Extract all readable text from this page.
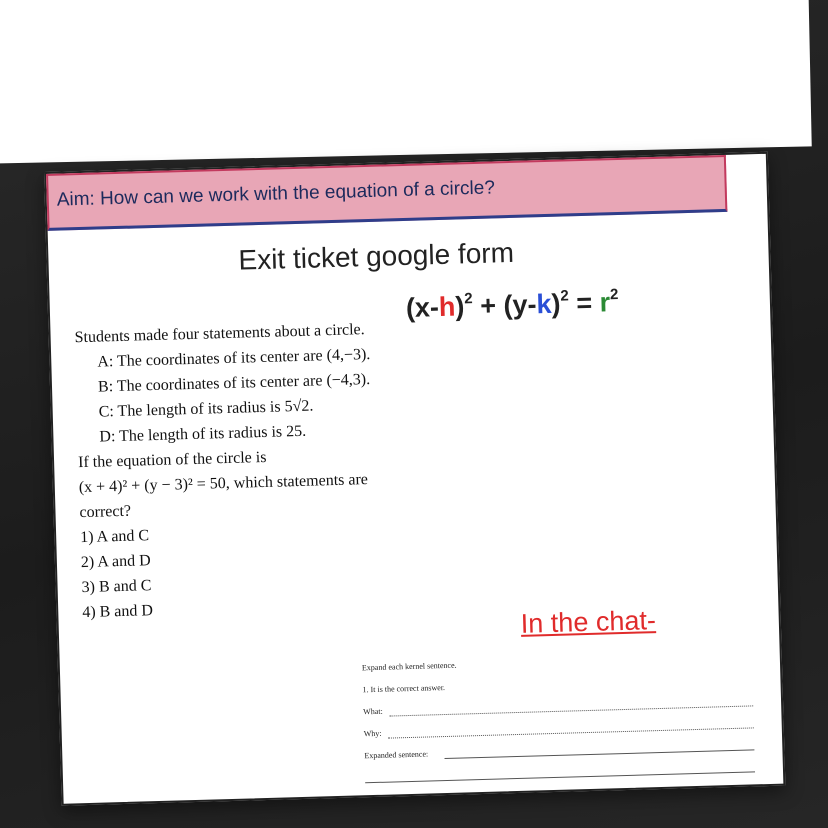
Aim: How can we work with the equation of a circle?
Exit ticket google form
$(x-h)^2 + (y-k)^2 = r^2$
Students made four statements about a circle.
A: The coordinates of its center are (4,−3).
B: The coordinates of its center are (−4,3).
C: The length of its radius is 5√2.
D: The length of its radius is 25.
If the equation of the circle is
(x + 4)² + (y − 3)² = 50, which statements are
correct?
1) A and C
2) A and D
3) B and C
4) B and D	In the chat-
Expand each kernel sentence.
1. It is the correct answer.
What:
Why:
Expanded sentence:
